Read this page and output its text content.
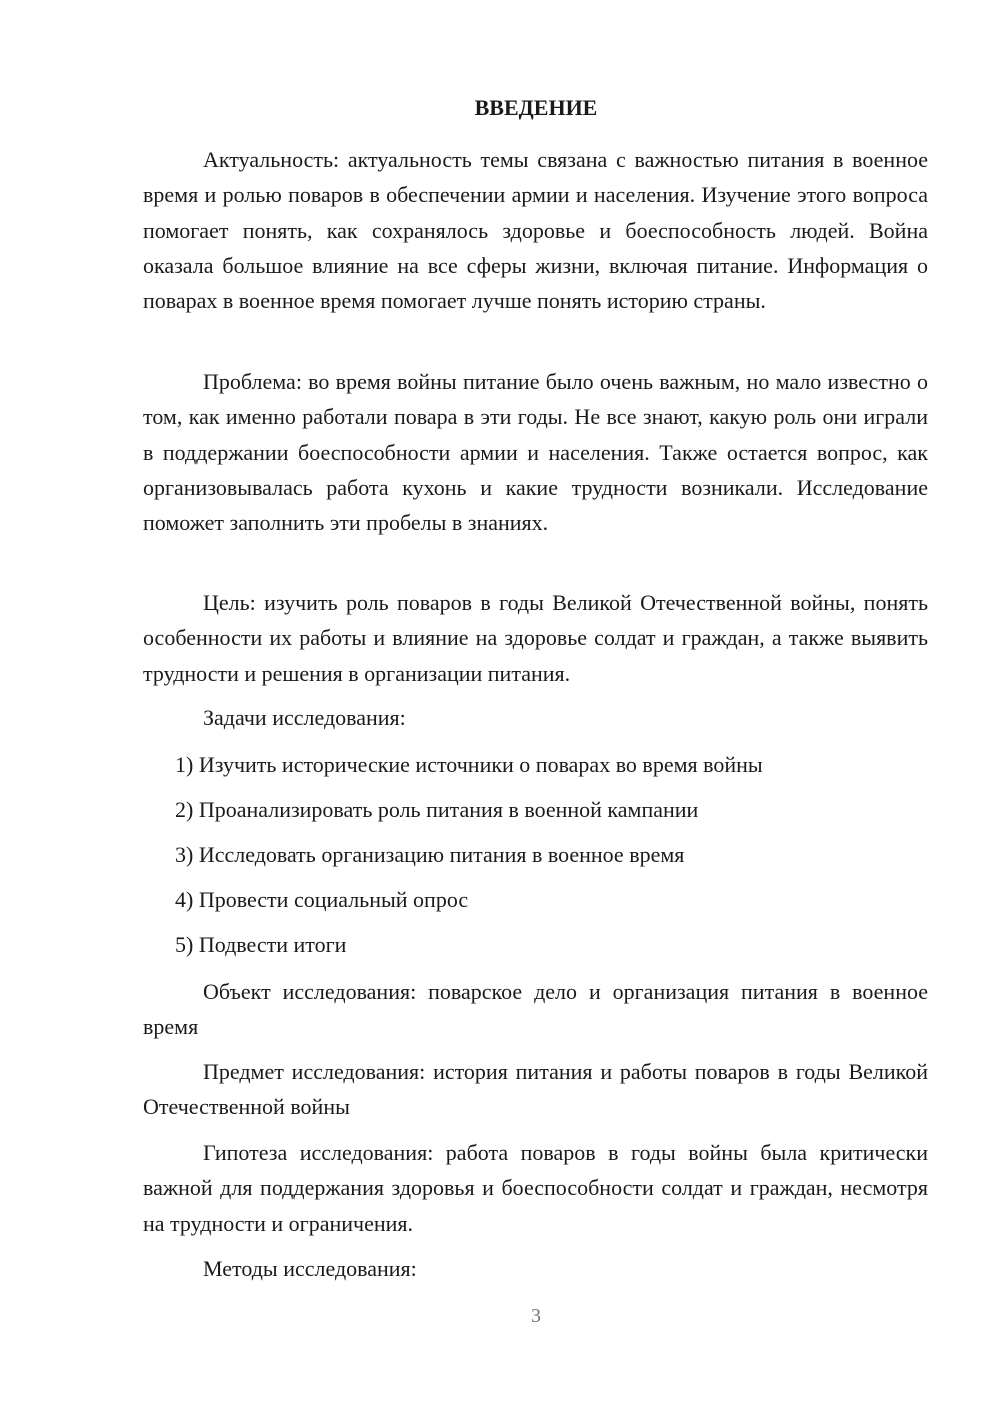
ВВЕДЕНИЕ
Актуальность: актуальность темы связана с важностью питания в военное время и ролью поваров в обеспечении армии и населения. Изучение этого вопроса помогает понять, как сохранялось здоровье и боеспособность людей. Война оказала большое влияние на все сферы жизни, включая питание. Информация о поварах в военное время помогает лучше понять историю страны.
Проблема: во время войны питание было очень важным, но мало известно о том, как именно работали повара в эти годы. Не все знают, какую роль они играли в поддержании боеспособности армии и населения. Также остается вопрос, как организовывалась работа кухонь и какие трудности возникали. Исследование поможет заполнить эти пробелы в знаниях.
Цель: изучить роль поваров в годы Великой Отечественной войны, понять особенности их работы и влияние на здоровье солдат и граждан, а также выявить трудности и решения в организации питания.
Задачи исследования:
1) Изучить исторические источники о поварах во время войны
2) Проанализировать роль питания в военной кампании
3) Исследовать организацию питания в военное время
4) Провести социальный опрос
5) Подвести итоги
Объект исследования: поварское дело и организация питания в военное время
Предмет исследования: история питания и работы поваров в годы Великой Отечественной войны
Гипотеза исследования: работа поваров в годы войны была критически важной для поддержания здоровья и боеспособности солдат и граждан, несмотря на трудности и ограничения.
Методы исследования:
3
